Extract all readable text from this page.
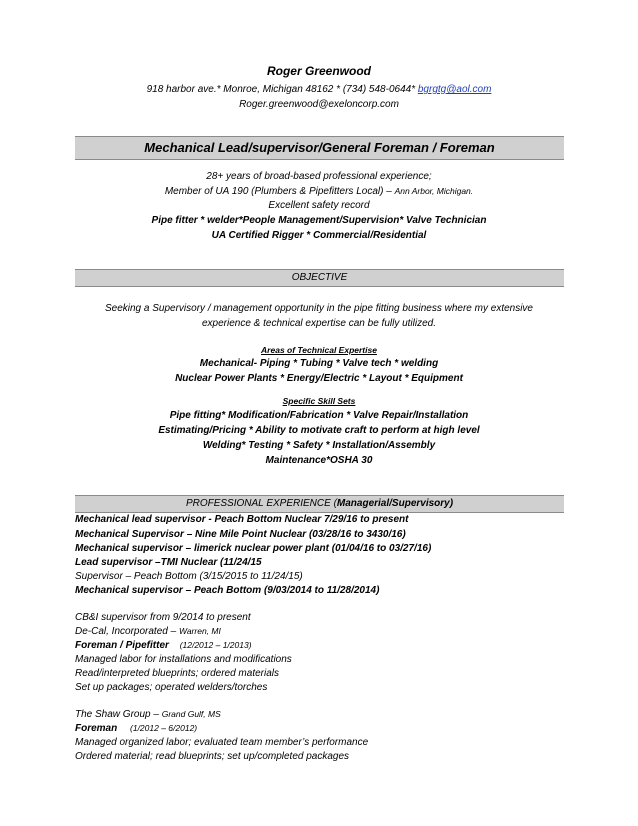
Roger Greenwood
918 harbor ave.* Monroe, Michigan 48162 * (734) 548-0644* bgrgtg@aol.com
Roger.greenwood@exeloncorp.com
Mechanical Lead/supervisor/General Foreman / Foreman
28+ years of broad-based professional experience;
Member of UA 190 (Plumbers & Pipefitters Local) – Ann Arbor, Michigan.
Excellent safety record
Pipe fitter * welder*People Management/Supervision* Valve Technician
UA Certified Rigger * Commercial/Residential
OBJECTIVE
Seeking a Supervisory / management opportunity in the pipe fitting business where my extensive
experience & technical expertise can be fully utilized.
Areas of Technical Expertise
Mechanical- Piping * Tubing * Valve tech * welding
Nuclear Power Plants * Energy/Electric * Layout * Equipment
Specific Skill Sets
Pipe fitting* Modification/Fabrication * Valve Repair/Installation
Estimating/Pricing * Ability to motivate craft to perform at high level
Welding* Testing * Safety * Installation/Assembly
Maintenance*OSHA 30
PROFESSIONAL EXPERIENCE (Managerial/Supervisory)
Mechanical lead supervisor - Peach Bottom Nuclear 7/29/16 to present
Mechanical Supervisor – Nine Mile Point Nuclear (03/28/16 to 3430/16)
Mechanical supervisor – limerick nuclear power plant (01/04/16 to 03/27/16)
Lead supervisor –TMI Nuclear (11/24/15
Supervisor – Peach Bottom (3/15/2015 to 11/24/15)
Mechanical supervisor – Peach Bottom (9/03/2014 to 11/28/2014)
CB&I supervisor from 9/2014 to present
De-Cal, Incorporated – Warren, MI
Foreman / Pipefitter (12/2012 – 1/2013)
Managed labor for installations and modifications
Read/interpreted blueprints; ordered materials
Set up packages; operated welders/torches
The Shaw Group – Grand Gulf, MS
Foreman (1/2012 – 6/2012)
Managed organized labor; evaluated team member’s performance
Ordered material; read blueprints; set up/completed packages
